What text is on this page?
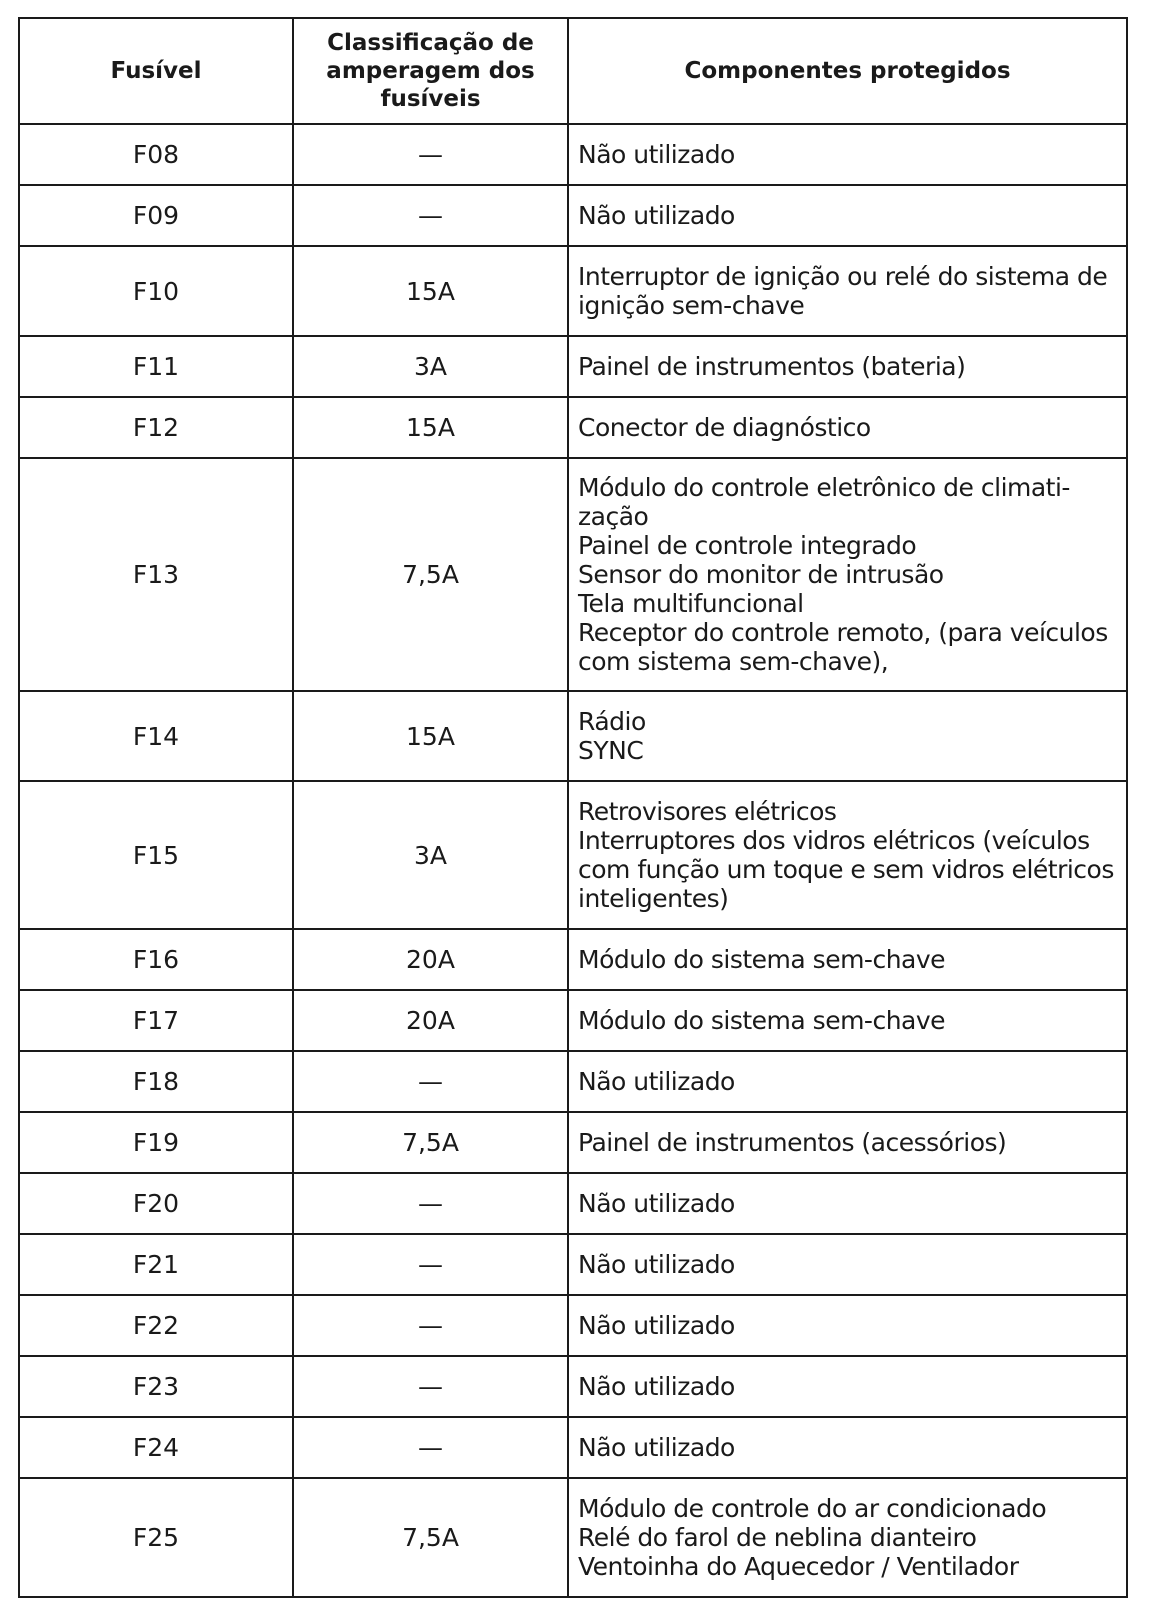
Fusível	Classificação de amperagem dos fusíveis	Componentes protegidos
F08	—	Não utilizado

F09	—	Não utilizado

F10	15A	Interruptor de ignição ou relé do sistema de ignição sem-chave

F11	3A	Painel de instrumentos (bateria)

F12	15A	Conector de diagnóstico

F13	7,5A	Módulo do controle eletrônico de climati-zação
Painel de controle integrado
Sensor do monitor de intrusão
Tela multifuncional
Receptor do controle remoto, (para veículos com sistema sem-chave),

F14	15A	Rádio
SYNC

F15	3A	Retrovisores elétricos
Interruptores dos vidros elétricos (veículos com função um toque e sem vidros elétricos inteligentes)

F16	20A	Módulo do sistema sem-chave

F17	20A	Módulo do sistema sem-chave

F18	—	Não utilizado

F19	7,5A	Painel de instrumentos (acessórios)

F20	—	Não utilizado

F21	—	Não utilizado

F22	—	Não utilizado

F23	—	Não utilizado

F24	—	Não utilizado

F25	7,5A	Módulo de controle do ar condicionado
Relé do farol de neblina dianteiro
Ventoinha do Aquecedor / Ventilador
